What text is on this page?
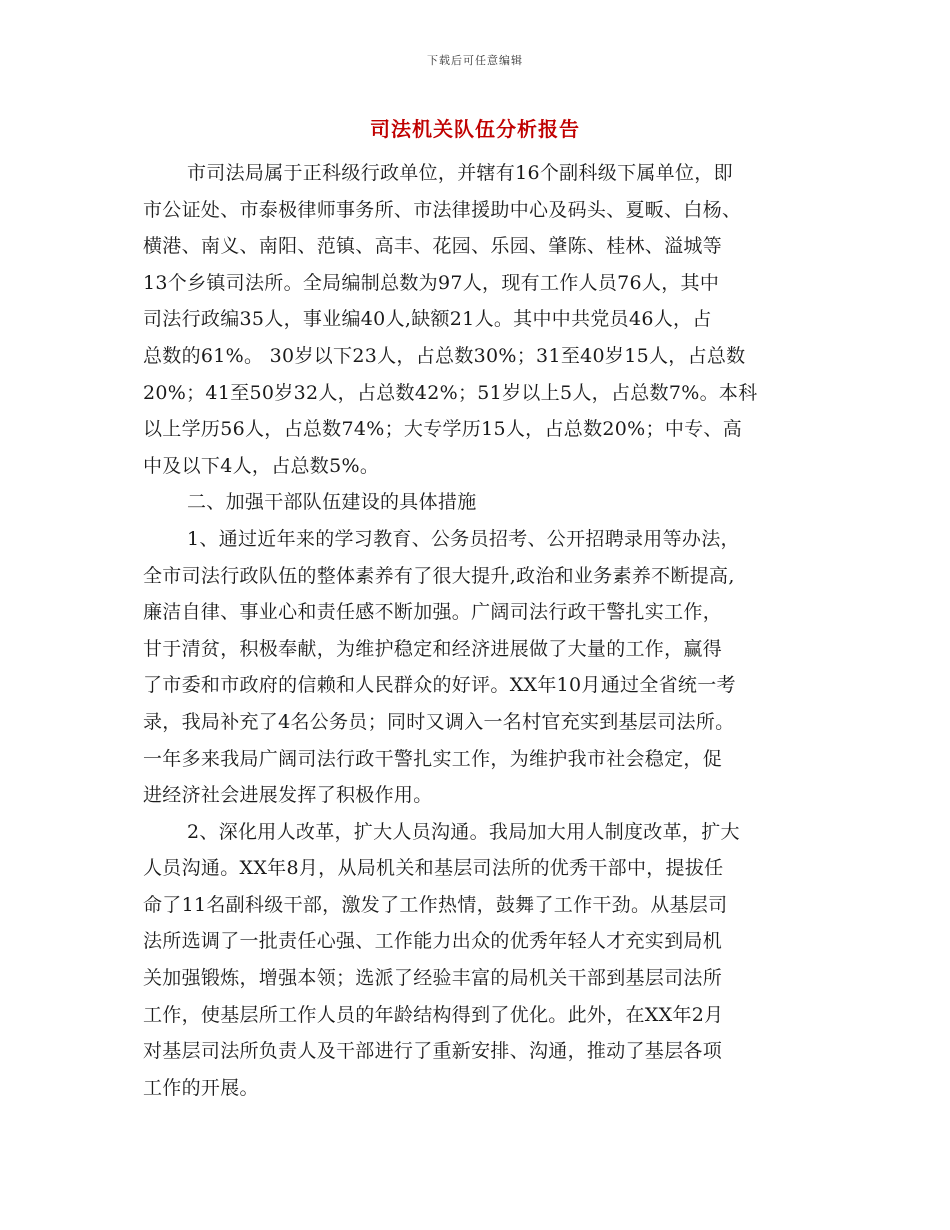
下载后可任意编辑
司法机关队伍分析报告
市司法局属于正科级行政单位，并辖有16个副科级下属单位，即
市公证处、市泰极律师事务所、市法律援助中心及码头、夏畈、白杨、
横港、南义、南阳、范镇、高丰、花园、乐园、肇陈、桂林、溢城等
13个乡镇司法所。全局编制总数为97人，现有工作人员76人，其中
司法行政编35人，事业编40人,缺额21人。其中中共党员46人，占
总数的61%。 30岁以下23人，占总数30%；31至40岁15人，占总数
20%；41至50岁32人，占总数42%；51岁以上5人，占总数7%。本科
以上学历56人，占总数74%；大专学历15人，占总数20%；中专、高
中及以下4人，占总数5%。
二、加强干部队伍建设的具体措施
1、通过近年来的学习教育、公务员招考、公开招聘录用等办法，
全市司法行政队伍的整体素养有了很大提升,政治和业务素养不断提高,
廉洁自律、事业心和责任感不断加强。广阔司法行政干警扎实工作，
甘于清贫，积极奉献，为维护稳定和经济进展做了大量的工作，赢得
了市委和市政府的信赖和人民群众的好评。XX年10月通过全省统一考
录，我局补充了4名公务员；同时又调入一名村官充实到基层司法所。
一年多来我局广阔司法行政干警扎实工作，为维护我市社会稳定，促
进经济社会进展发挥了积极作用。
2、深化用人改革，扩大人员沟通。我局加大用人制度改革，扩大
人员沟通。XX年8月，从局机关和基层司法所的优秀干部中，提拔任
命了11名副科级干部，激发了工作热情，鼓舞了工作干劲。从基层司
法所选调了一批责任心强、工作能力出众的优秀年轻人才充实到局机
关加强锻炼，增强本领；选派了经验丰富的局机关干部到基层司法所
工作，使基层所工作人员的年龄结构得到了优化。此外，在XX年2月
对基层司法所负责人及干部进行了重新安排、沟通，推动了基层各项
工作的开展。
